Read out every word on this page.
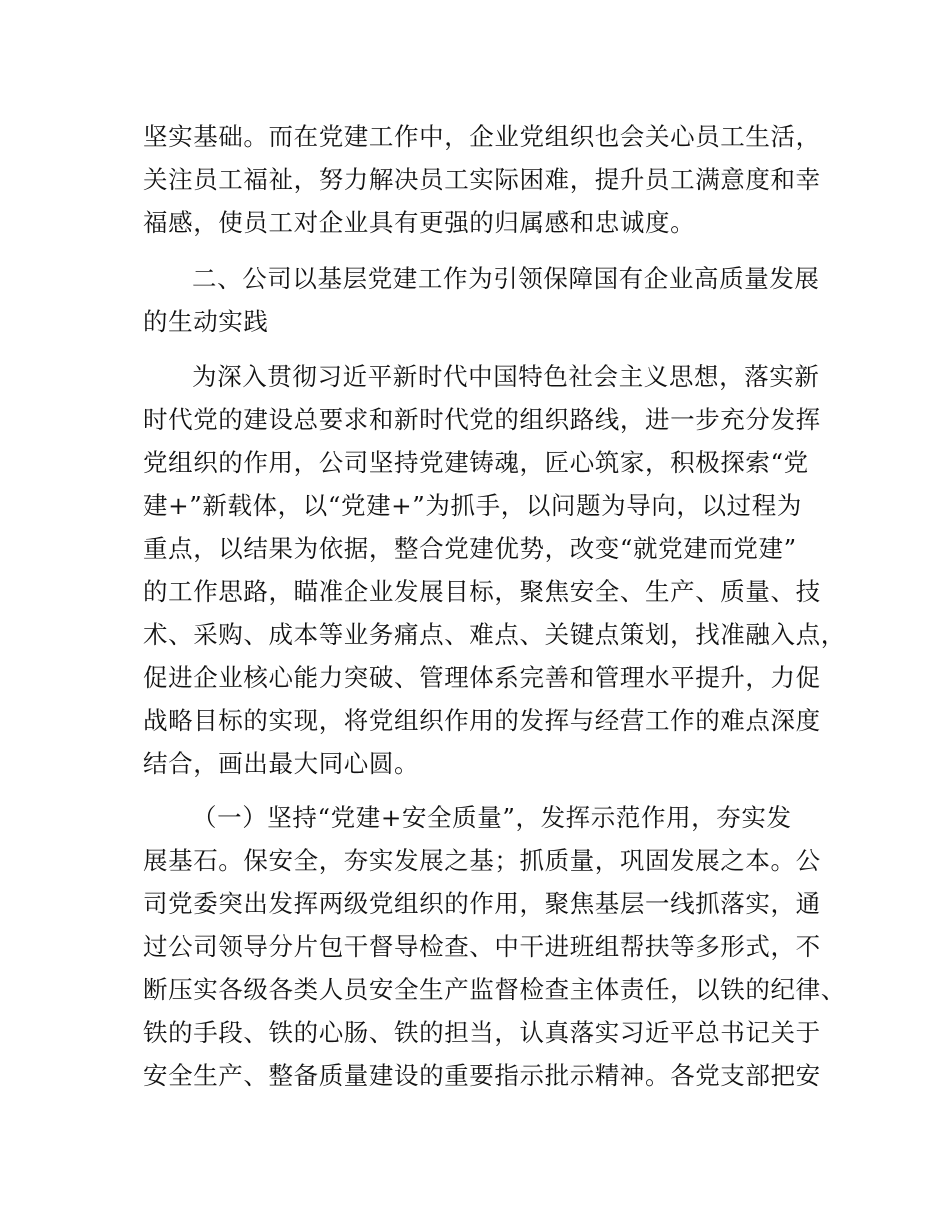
坚实基础。而在党建工作中，企业党组织也会关心员工生活，
关注员工福祉，努力解决员工实际困难，提升员工满意度和幸
福感，使员工对企业具有更强的归属感和忠诚度。
二、公司以基层党建工作为引领保障国有企业高质量发展
的生动实践
为深入贯彻习近平新时代中国特色社会主义思想，落实新
时代党的建设总要求和新时代党的组织路线，进一步充分发挥
党组织的作用，公司坚持党建铸魂，匠心筑家，积极探索“党
建+”新载体，以“党建+”为抓手，以问题为导向，以过程为
重点，以结果为依据，整合党建优势，改变“就党建而党建”
的工作思路，瞄准企业发展目标，聚焦安全、生产、质量、技
术、采购、成本等业务痛点、难点、关键点策划，找准融入点，
促进企业核心能力突破、管理体系完善和管理水平提升，力促
战略目标的实现，将党组织作用的发挥与经营工作的难点深度
结合，画出最大同心圆。
（一）坚持“党建+安全质量”，发挥示范作用，夯实发
展基石。保安全，夯实发展之基；抓质量，巩固发展之本。公
司党委突出发挥两级党组织的作用，聚焦基层一线抓落实，通
过公司领导分片包干督导检查、中干进班组帮扶等多形式，不
断压实各级各类人员安全生产监督检查主体责任，以铁的纪律、
铁的手段、铁的心肠、铁的担当，认真落实习近平总书记关于
安全生产、整备质量建设的重要指示批示精神。各党支部把安
